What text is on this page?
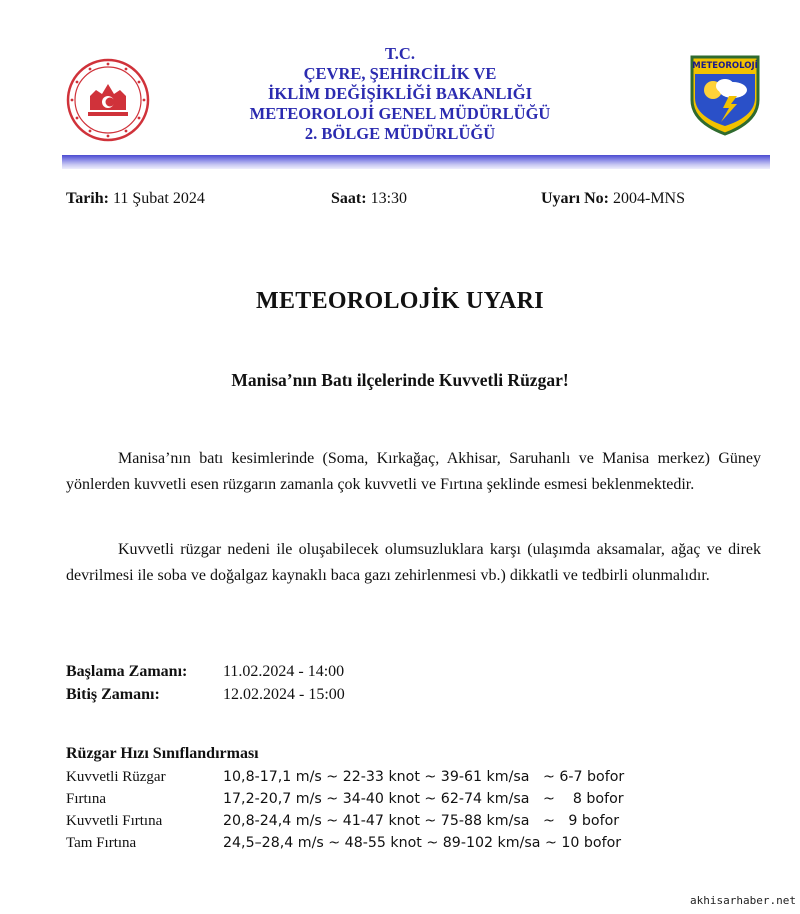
T.C.
ÇEVRE, ŞEHİRCİLİK VE
İKLİM DEĞİŞİKLİĞİ BAKANLIĞI
METEOROLOJİ GENEL MÜDÜRLÜĞÜ
2. BÖLGE MÜDÜRLÜĞÜ
METEOROLOJİ
Tarih: 11 Şubat 2024	Saat: 13:30	Uyarı No: 2004-MNS
METEOROLOJİK UYARI
Manisa’nın Batı ilçelerinde Kuvvetli Rüzgar!
Manisa’nın batı kesimlerinde (Soma, Kırkağaç, Akhisar, Saruhanlı ve Manisa merkez) Güney yönlerden kuvvetli esen rüzgarın zamanla çok kuvvetli ve Fırtına şeklinde esmesi beklenmektedir.
Kuvvetli rüzgar nedeni ile oluşabilecek olumsuzluklara karşı (ulaşımda aksamalar, ağaç ve direk devrilmesi ile soba ve doğalgaz kaynaklı baca gazı zehirlenmesi vb.) dikkatli ve tedbirli olunmalıdır.
Başlama Zamanı: 11.02.2024 - 14:00
Bitiş Zamanı:	12.02.2024 - 15:00
Rüzgar Hızı Sınıflandırması
Kuvvetli Rüzgar	10,8-17,1 m/s ~ 22-33 knot ~ 39-61 km/sa   ~ 6-7 bofor
Fırtına	17,2-20,7 m/s ~ 34-40 knot ~ 62-74 km/sa   ~    8 bofor
Kuvvetli Fırtına	20,8-24,4 m/s ~ 41-47 knot ~ 75-88 km/sa   ~   9 bofor
Tam Fırtına	24,5–28,4 m/s ~ 48-55 knot ~ 89-102 km/sa ~ 10 bofor
akhisarhaber.net
